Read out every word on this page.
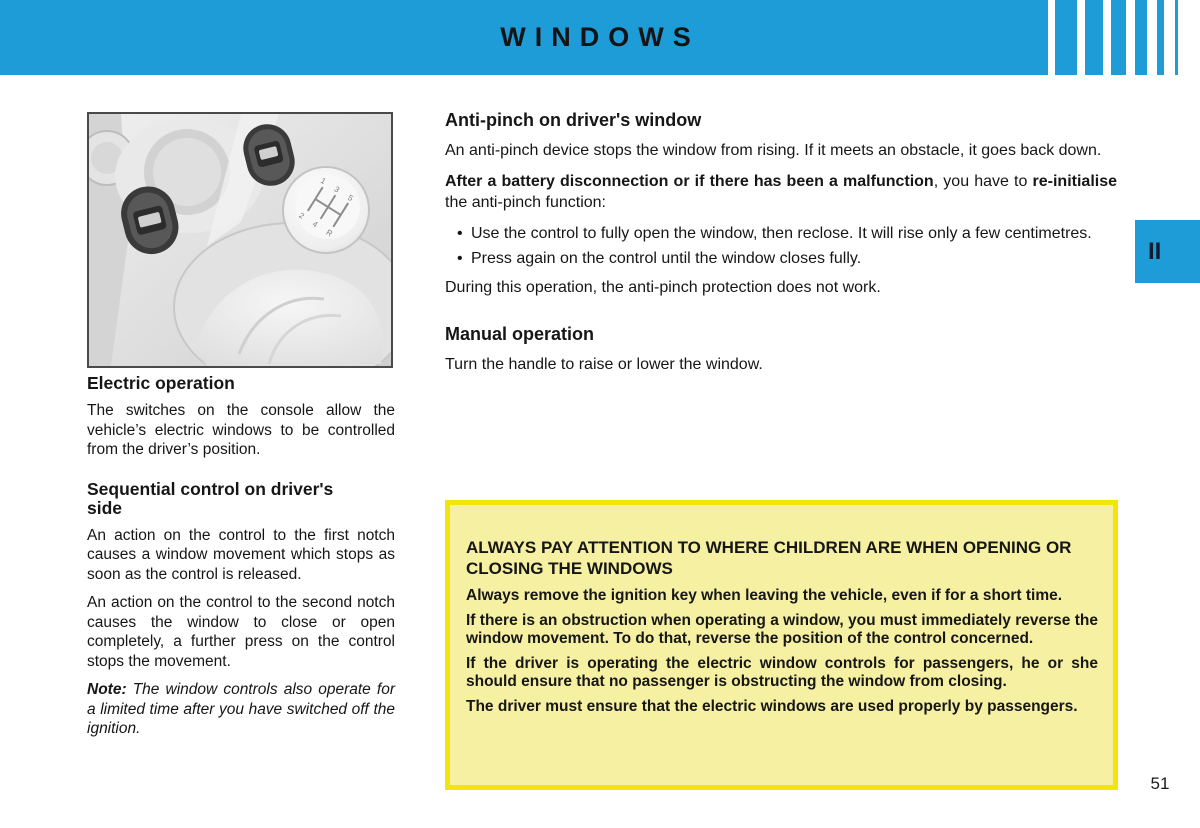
WINDOWS
II
1
3
5
2
4
R
Electric operation

The switches on the console allow the vehicle’s electric windows to be controlled from the driver’s position.

Sequential control on driver's side

An action on the control to the first notch causes a window movement which stops as soon as the control is released.

An action on the control to the second notch causes the window to close or open completely, a further press on the control stops the movement.

Note: The window controls also operate for a limited time after you have switched off the ignition.

Anti-pinch on driver's window

An anti-pinch device stops the window from rising. If it meets an obstacle, it goes back down.

After a battery disconnection or if there has been a malfunction, you have to re-initialise the anti-pinch function:

• Use the control to fully open the window, then reclose. It will rise only a few centimetres.
• Press again on the control until the window closes fully.

During this operation, the anti-pinch protection does not work.

Manual operation

Turn the handle to raise or lower the window.

ALWAYS PAY ATTENTION TO WHERE CHILDREN ARE WHEN OPENING OR CLOSING THE WINDOWS

Always remove the ignition key when leaving the vehicle, even if for a short time.

If there is an obstruction when operating a window, you must immediately reverse the window movement. To do that, reverse the position of the control concerned.

If the driver is operating the electric window controls for passengers, he or she should ensure that no passenger is obstructing the window from closing.

The driver must ensure that the electric windows are used properly by passengers.

51
